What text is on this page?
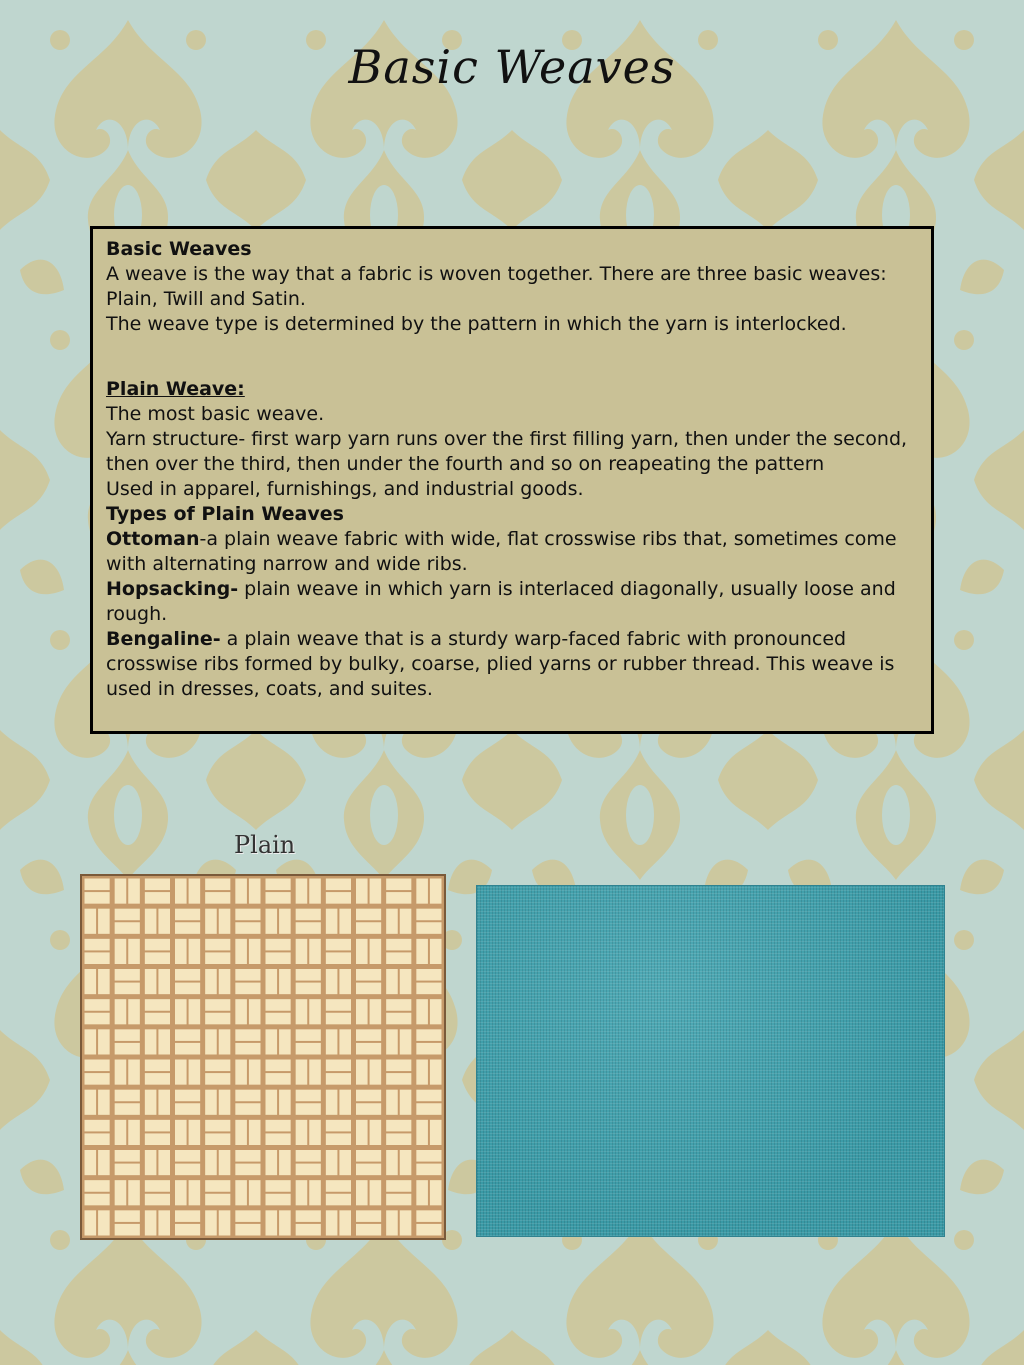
Basic Weaves

Basic Weaves

A weave is the way that a fabric is woven together. There are three basic weaves: Plain, Twill and Satin.

The weave type is determined by the pattern in which the yarn is interlocked.

Plain Weave:

The most basic weave.

Yarn structure- first warp yarn runs over the first filling yarn, then under the second, then over the third, then under the fourth and so on reapeating the pattern

Used in apparel, furnishings, and industrial goods.

Types of Plain Weaves

Ottoman-a plain weave fabric with wide, flat crosswise ribs that, sometimes come with alternating narrow and wide ribs.

Hopsacking- plain weave in which yarn is interlaced diagonally, usually loose and rough.

Bengaline- a plain weave that is a sturdy warp-faced fabric with pronounced crosswise ribs formed by bulky, coarse, plied yarns or rubber thread. This weave is used in dresses, coats, and suites.

Plain
